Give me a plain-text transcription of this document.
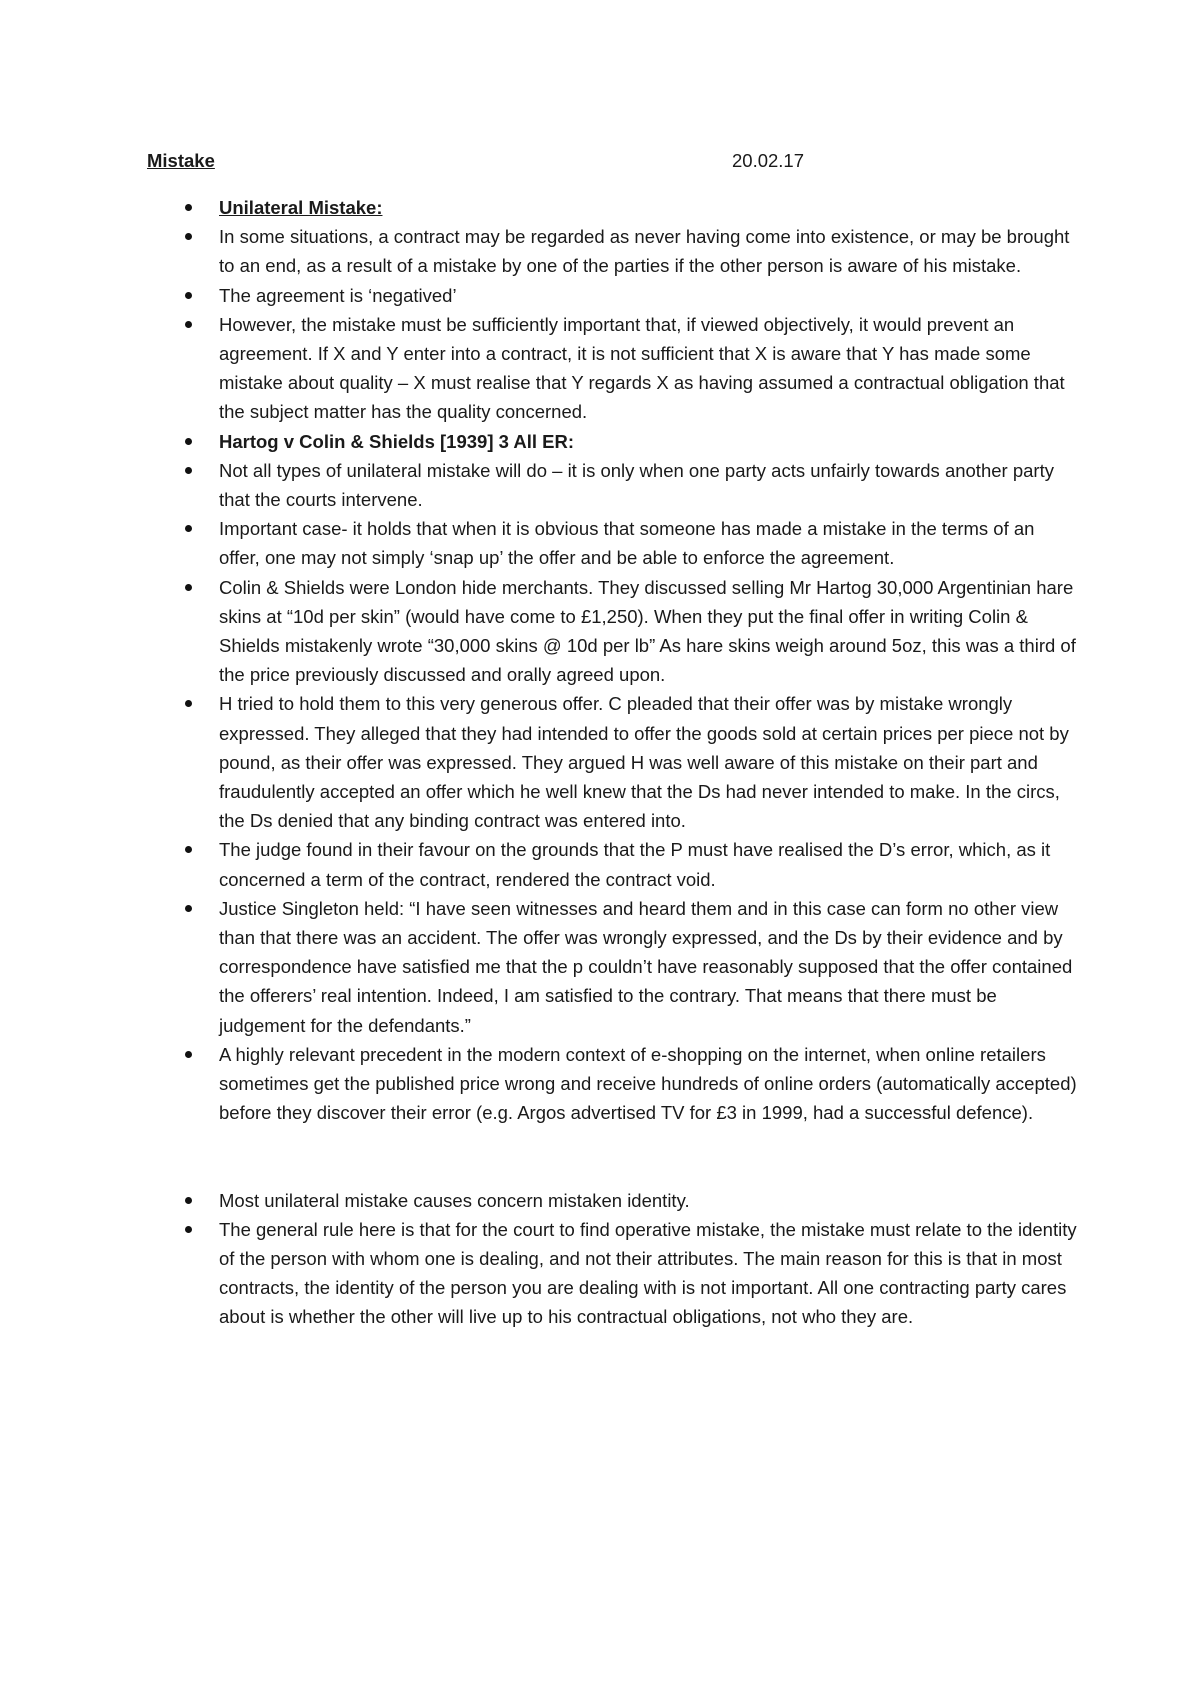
Mistake	20.02.17
Unilateral Mistake:
In some situations, a contract may be regarded as never having come into existence, or may be brought to an end, as a result of a mistake by one of the parties if the other person is aware of his mistake.
The agreement is ‘negatived’
However, the mistake must be sufficiently important that, if viewed objectively, it would prevent an agreement. If X and Y enter into a contract, it is not sufficient that X is aware that Y has made some mistake about quality – X must realise that Y regards X as having assumed a contractual obligation that the subject matter has the quality concerned.
Hartog v Colin & Shields [1939] 3 All ER:
Not all types of unilateral mistake will do – it is only when one party acts unfairly towards another party that the courts intervene.
Important case- it holds that when it is obvious that someone has made a mistake in the terms of an offer, one may not simply ‘snap up’ the offer and be able to enforce the agreement.
Colin & Shields were London hide merchants. They discussed selling Mr Hartog 30,000 Argentinian hare skins at “10d per skin” (would have come to £1,250). When they put the final offer in writing Colin & Shields mistakenly wrote “30,000 skins @ 10d per lb” As hare skins weigh around 5oz, this was a third of the price previously discussed and orally agreed upon.
H tried to hold them to this very generous offer. C pleaded that their offer was by mistake wrongly expressed. They alleged that they had intended to offer the goods sold at certain prices per piece not by pound, as their offer was expressed. They argued H was well aware of this mistake on their part and fraudulently accepted an offer which he well knew that the Ds had never intended to make. In the circs, the Ds denied that any binding contract was entered into.
The judge found in their favour on the grounds that the P must have realised the D’s error, which, as it concerned a term of the contract, rendered the contract void.
Justice Singleton held: “I have seen witnesses and heard them and in this case can form no other view than that there was an accident. The offer was wrongly expressed, and the Ds by their evidence and by correspondence have satisfied me that the p couldn’t have reasonably supposed that the offer contained the offerers’ real intention. Indeed, I am satisfied to the contrary. That means that there must be judgement for the defendants.”
A highly relevant precedent in the modern context of e-shopping on the internet, when online retailers sometimes get the published price wrong and receive hundreds of online orders (automatically accepted) before they discover their error (e.g. Argos advertised TV for £3 in 1999, had a successful defence).
Most unilateral mistake causes concern mistaken identity.
The general rule here is that for the court to find operative mistake, the mistake must relate to the identity of the person with whom one is dealing, and not their attributes. The main reason for this is that in most contracts, the identity of the person you are dealing with is not important. All one contracting party cares about is whether the other will live up to his contractual obligations, not who they are.
